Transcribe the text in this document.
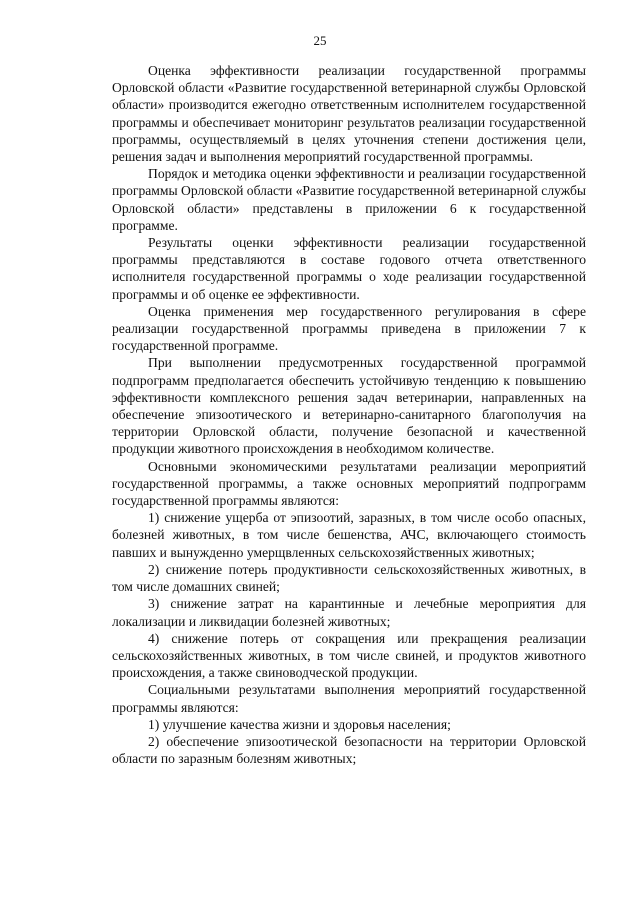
25

Оценка эффективности реализации государственной программы Орловской области «Развитие государственной ветеринарной службы Орловской области» производится ежегодно ответственным исполнителем государственной программы и обеспечивает мониторинг результатов реализации государственной программы, осуществляемый в целях уточнения степени достижения цели, решения задач и выполнения мероприятий государственной программы.

Порядок и методика оценки эффективности и реализации государственной программы Орловской области «Развитие государственной ветеринарной службы Орловской области» представлены в приложении 6 к государственной программе.

Результаты оценки эффективности реализации государственной программы представляются в составе годового отчета ответственного исполнителя государственной программы о ходе реализации государственной программы и об оценке ее эффективности.

Оценка применения мер государственного регулирования в сфере реализации государственной программы приведена в приложении 7 к государственной программе.

При выполнении предусмотренных государственной программой подпрограмм предполагается обеспечить устойчивую тенденцию к повышению эффективности комплексного решения задач ветеринарии, направленных на обеспечение эпизоотического и ветеринарно-санитарного благополучия на территории Орловской области, получение безопасной и качественной продукции животного происхождения в необходимом количестве.

Основными экономическими результатами реализации мероприятий государственной программы, а также основных мероприятий подпрограмм государственной программы являются:

1) снижение ущерба от эпизоотий, заразных, в том числе особо опасных, болезней животных, в том числе бешенства, АЧС, включающего стоимость павших и вынужденно умерщвленных сельскохозяйственных животных;

2) снижение потерь продуктивности сельскохозяйственных животных, в том числе домашних свиней;

3) снижение затрат на карантинные и лечебные мероприятия для локализации и ликвидации болезней животных;

4) снижение потерь от сокращения или прекращения реализации сельскохозяйственных животных, в том числе свиней, и продуктов животного происхождения, а также свиноводческой продукции.

Социальными результатами выполнения мероприятий государственной программы являются:

1) улучшение качества жизни и здоровья населения;

2) обеспечение эпизоотической безопасности на территории Орловской области по заразным болезням животных;
